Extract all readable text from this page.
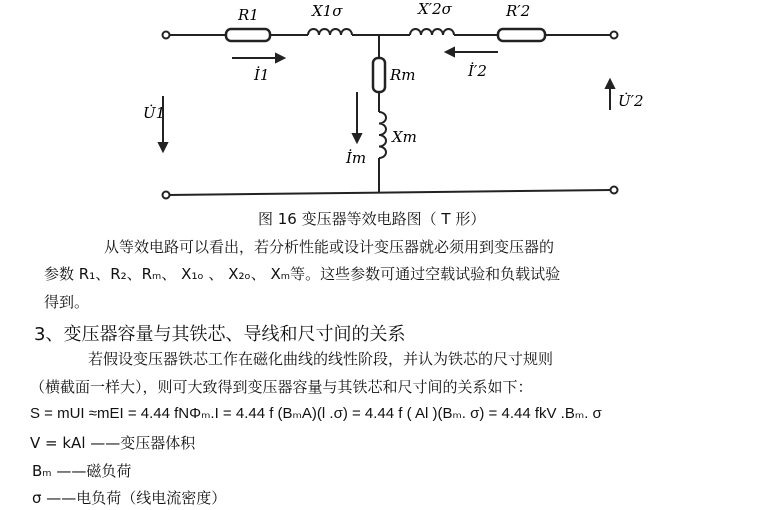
R1	X1σ	X′2σ	R′2
Rm
Xm
İ1	İ′2
İm
U̇1
U̇′2

图 16 变压器等效电路图（ T 形）

从等效电路可以看出，若分析性能或设计变压器就必须用到变压器的

参数 R₁、R₂、Rₘ、 X₁ₒ 、 X₂ₒ、 Xₘ等。这些参数可通过空载试验和负载试验

得到。

3、变压器容量与其铁芯、导线和尺寸间的关系

若假设变压器铁芯工作在磁化曲线的线性阶段，并认为铁芯的尺寸规则

（横截面一样大），则可大致得到变压器容量与其铁芯和尺寸间的关系如下：

S = mUI ≈mEI = 4.44 fNΦₘ.I = 4.44 f (BₘA)(l .σ) = 4.44 f ( Al )(Bₘ. σ) = 4.44 fkV .Bₘ. σ

V = kAl ——变压器体积

Bₘ ——磁负荷

σ ——电负荷（线电流密度）
